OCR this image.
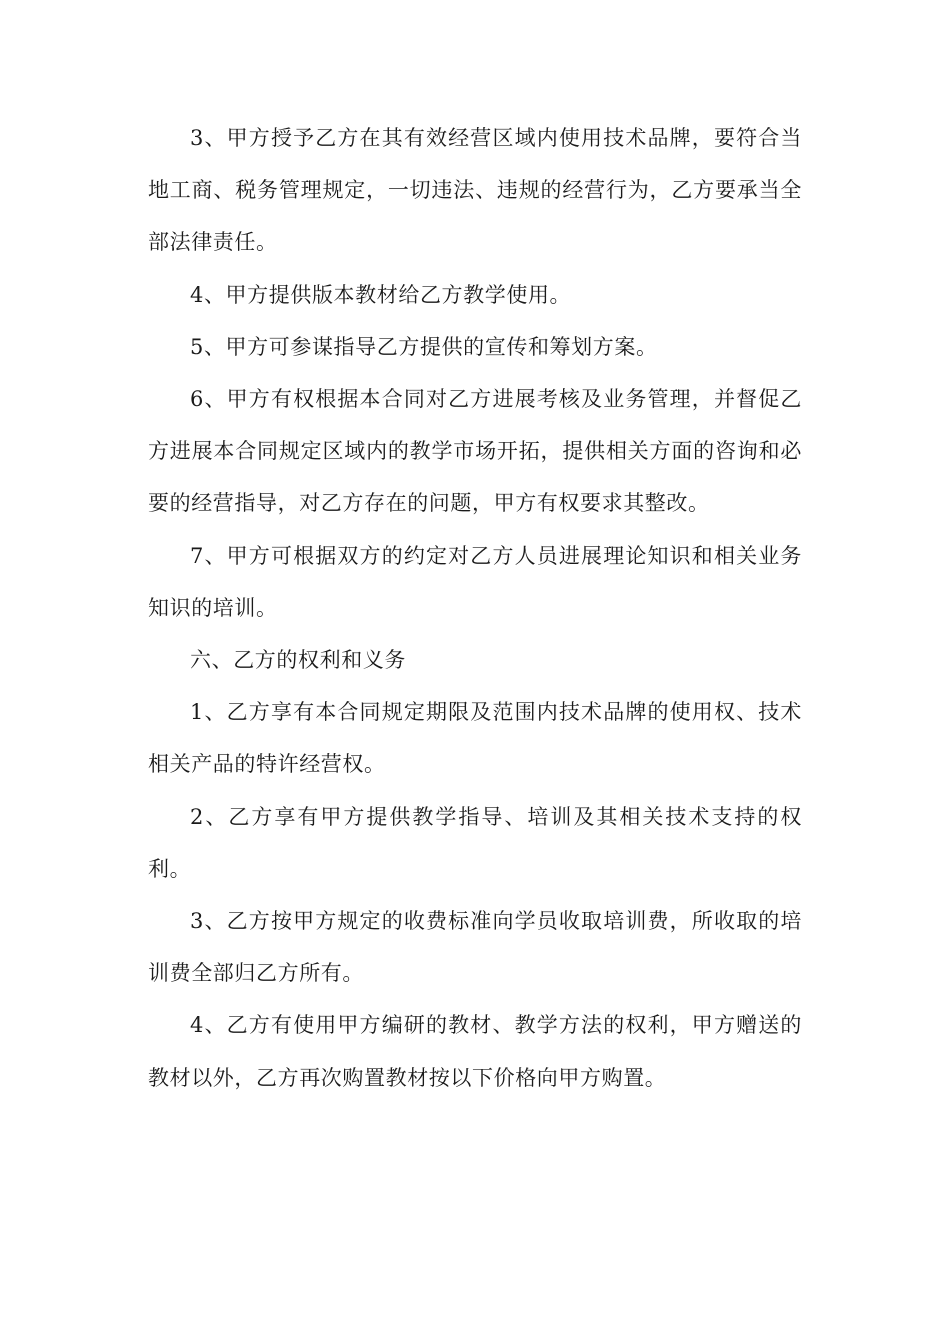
3、甲方授予乙方在其有效经营区域内使用技术品牌，要符合当地工商、税务管理规定，一切违法、违规的经营行为，乙方要承当全部法律责任。

4、甲方提供版本教材给乙方教学使用。

5、甲方可参谋指导乙方提供的宣传和筹划方案。

6、甲方有权根据本合同对乙方进展考核及业务管理，并督促乙方进展本合同规定区域内的教学市场开拓，提供相关方面的咨询和必要的经营指导，对乙方存在的问题，甲方有权要求其整改。

7、甲方可根据双方的约定对乙方人员进展理论知识和相关业务知识的培训。

六、乙方的权利和义务

1、乙方享有本合同规定期限及范围内技术品牌的使用权、技术相关产品的特许经营权。

2、乙方享有甲方提供教学指导、培训及其相关技术支持的权利。

3、乙方按甲方规定的收费标准向学员收取培训费，所收取的培训费全部归乙方所有。

4、乙方有使用甲方编研的教材、教学方法的权利，甲方赠送的教材以外，乙方再次购置教材按以下价格向甲方购置。
